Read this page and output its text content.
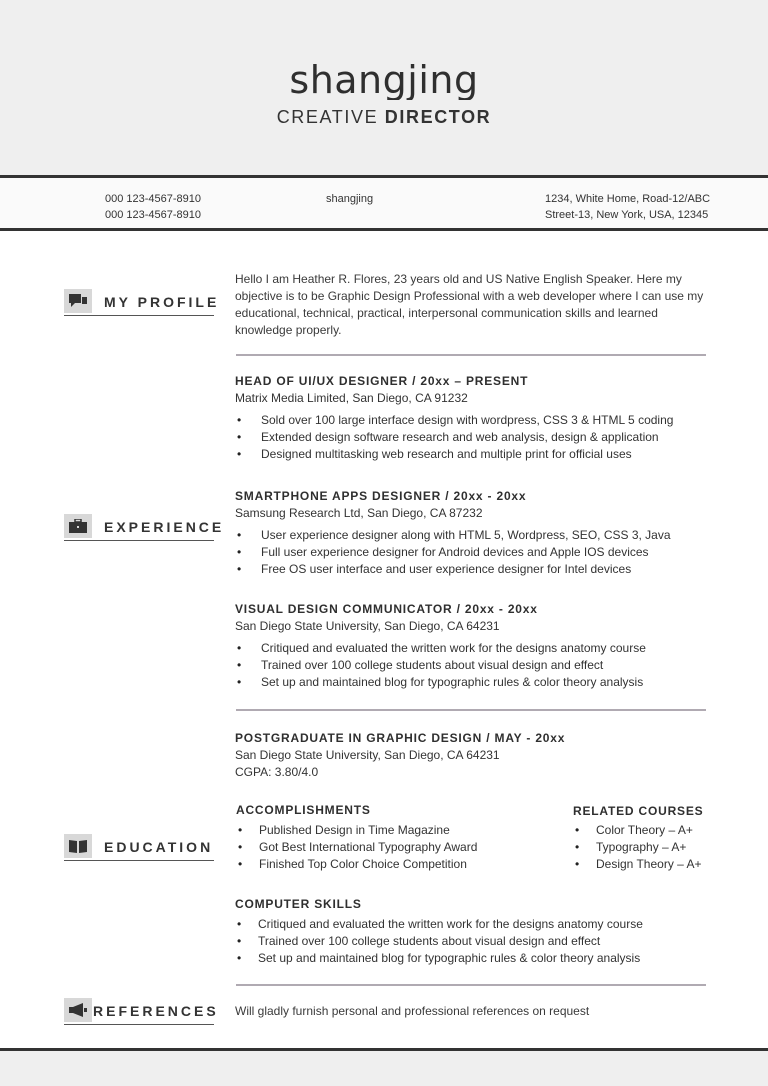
shangjing
CREATIVE DIRECTOR
000 123-4567-8910
000 123-4567-8910
shangjing	1234, White Home, Road-12/ABC
Street-13, New York, USA, 12345
MY PROFILE
Hello I am Heather R. Flores, 23 years old and US Native English Speaker. Here my objective is to be Graphic Design Professional with a web developer where I can use my educational, technical, practical, interpersonal communication skills and learned knowledge properly.
EXPERIENCE
HEAD OF UI/UX DESIGNER / 20xx – PRESENT
Matrix Media Limited, San Diego, CA 91232
• Sold over 100 large interface design with wordpress, CSS 3 & HTML 5 coding
• Extended design software research and web analysis, design & application
• Designed multitasking web research and multiple print for official uses
SMARTPHONE APPS DESIGNER / 20xx - 20xx
Samsung Research Ltd, San Diego, CA 87232
• User experience designer along with HTML 5, Wordpress, SEO, CSS 3, Java
• Full user experience designer for Android devices and Apple IOS devices
• Free OS user interface and user experience designer for Intel devices
VISUAL DESIGN COMMUNICATOR / 20xx - 20xx
San Diego State University, San Diego, CA 64231
• Critiqued and evaluated the written work for the designs anatomy course
• Trained over 100 college students about visual design and effect
• Set up and maintained blog for typographic rules & color theory analysis
EDUCATION
POSTGRADUATE IN GRAPHIC DESIGN / MAY - 20xx
San Diego State University, San Diego, CA 64231
CGPA: 3.80/4.0
ACCOMPLISHMENTS
• Published Design in Time Magazine
• Got Best International Typography Award
• Finished Top Color Choice Competition
RELATED COURSES
• Color Theory – A+
• Typography – A+
• Design Theory – A+
COMPUTER SKILLS
• Critiqued and evaluated the written work for the designs anatomy course
• Trained over 100 college students about visual design and effect
• Set up and maintained blog for typographic rules & color theory analysis
REFERENCES Will gladly furnish personal and professional references on request
